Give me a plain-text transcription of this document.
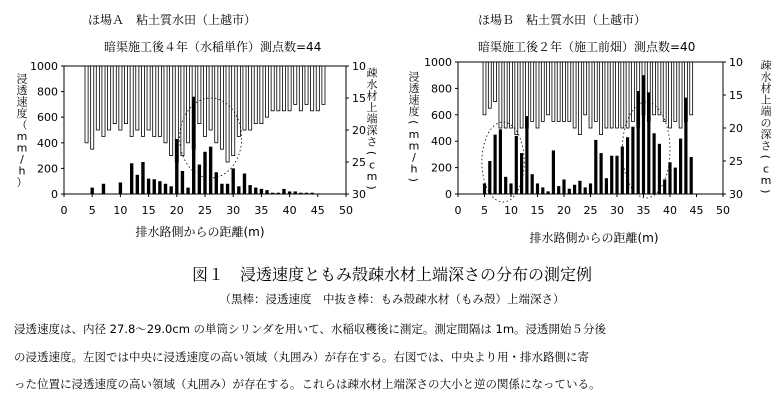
ほ場Ａ　粘土質水田（上越市）
暗渠施工後４年（水稲単作）測点数=44
ほ場Ｂ　粘土質水田（上越市）
暗渠施工後２年（施工前畑）測点数=40
0
200
400
600
800
1000	10
15
20
25
30
0 5 10 15 20 25 30 35 40 45 50
排水路側からの距離(m)
浸
透
速
度
（
m
m
/
h
）
疎
水
材
上
端
深
さ
(
c
m
)
0
200
400
600
800
1000	10
15
20
25
30
0 5 10 15 20 25 30 35 40 45 50
排水路側からの距離(m)
浸
透
速
度
(
m
m
/
h
)
疎
水
材
上
端
の
深
さ
(
c
m
)
図１　浸透速度ともみ殻疎水材上端深さの分布の測定例
（黒棒：浸透速度　中抜き棒：もみ殻疎水材（もみ殻）上端深さ）
浸透速度は、内径 27.8～29.0cm の単筒シリンダを用いて、水稲収穫後に測定。測定間隔は 1m。浸透開始５分後
の浸透速度。左図では中央に浸透速度の高い領域（丸囲み）が存在する。右図では、中央より用・排水路側に寄
った位置に浸透速度の高い領域（丸囲み）が存在する。これらは疎水材上端深さの大小と逆の関係になっている。
